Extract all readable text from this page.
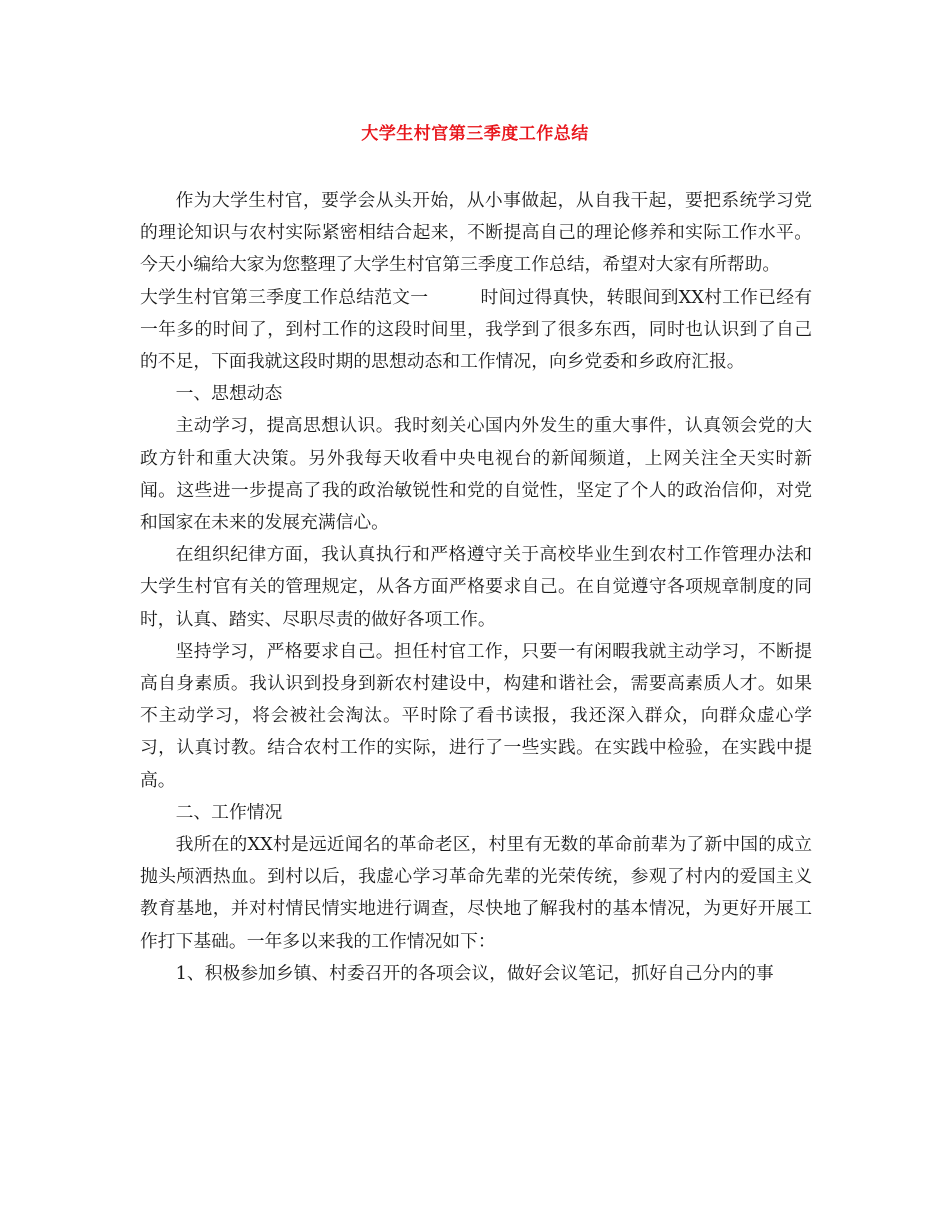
大学生村官第三季度工作总结

作为大学生村官，要学会从头开始，从小事做起，从自我干起，要把系统学习党的理论知识与农村实际紧密相结合起来，不断提高自己的理论修养和实际工作水平。今天小编给大家为您整理了大学生村官第三季度工作总结，希望对大家有所帮助。

大学生村官第三季度工作总结范文一	时间过得真快，转眼间到XX村工作已经有一年多的时间了，到村工作的这段时间里，我学到了很多东西，同时也认识到了自己的不足，下面我就这段时期的思想动态和工作情况，向乡党委和乡政府汇报。

一、思想动态

主动学习，提高思想认识。我时刻关心国内外发生的重大事件，认真领会党的大政方针和重大决策。另外我每天收看中央电视台的新闻频道，上网关注全天实时新闻。这些进一步提高了我的政治敏锐性和党的自觉性，坚定了个人的政治信仰，对党和国家在未来的发展充满信心。

在组织纪律方面，我认真执行和严格遵守关于高校毕业生到农村工作管理办法和大学生村官有关的管理规定，从各方面严格要求自己。在自觉遵守各项规章制度的同时，认真、踏实、尽职尽责的做好各项工作。

坚持学习，严格要求自己。担任村官工作，只要一有闲暇我就主动学习，不断提高自身素质。我认识到投身到新农村建设中，构建和谐社会，需要高素质人才。如果不主动学习，将会被社会淘汰。平时除了看书读报，我还深入群众，向群众虚心学习，认真讨教。结合农村工作的实际，进行了一些实践。在实践中检验，在实践中提高。

二、工作情况

我所在的XX村是远近闻名的革命老区，村里有无数的革命前辈为了新中国的成立抛头颅洒热血。到村以后，我虚心学习革命先辈的光荣传统，参观了村内的爱国主义教育基地，并对村情民情实地进行调查，尽快地了解我村的基本情况，为更好开展工作打下基础。一年多以来我的工作情况如下：

1、积极参加乡镇、村委召开的各项会议，做好会议笔记，抓好自己分内的事
